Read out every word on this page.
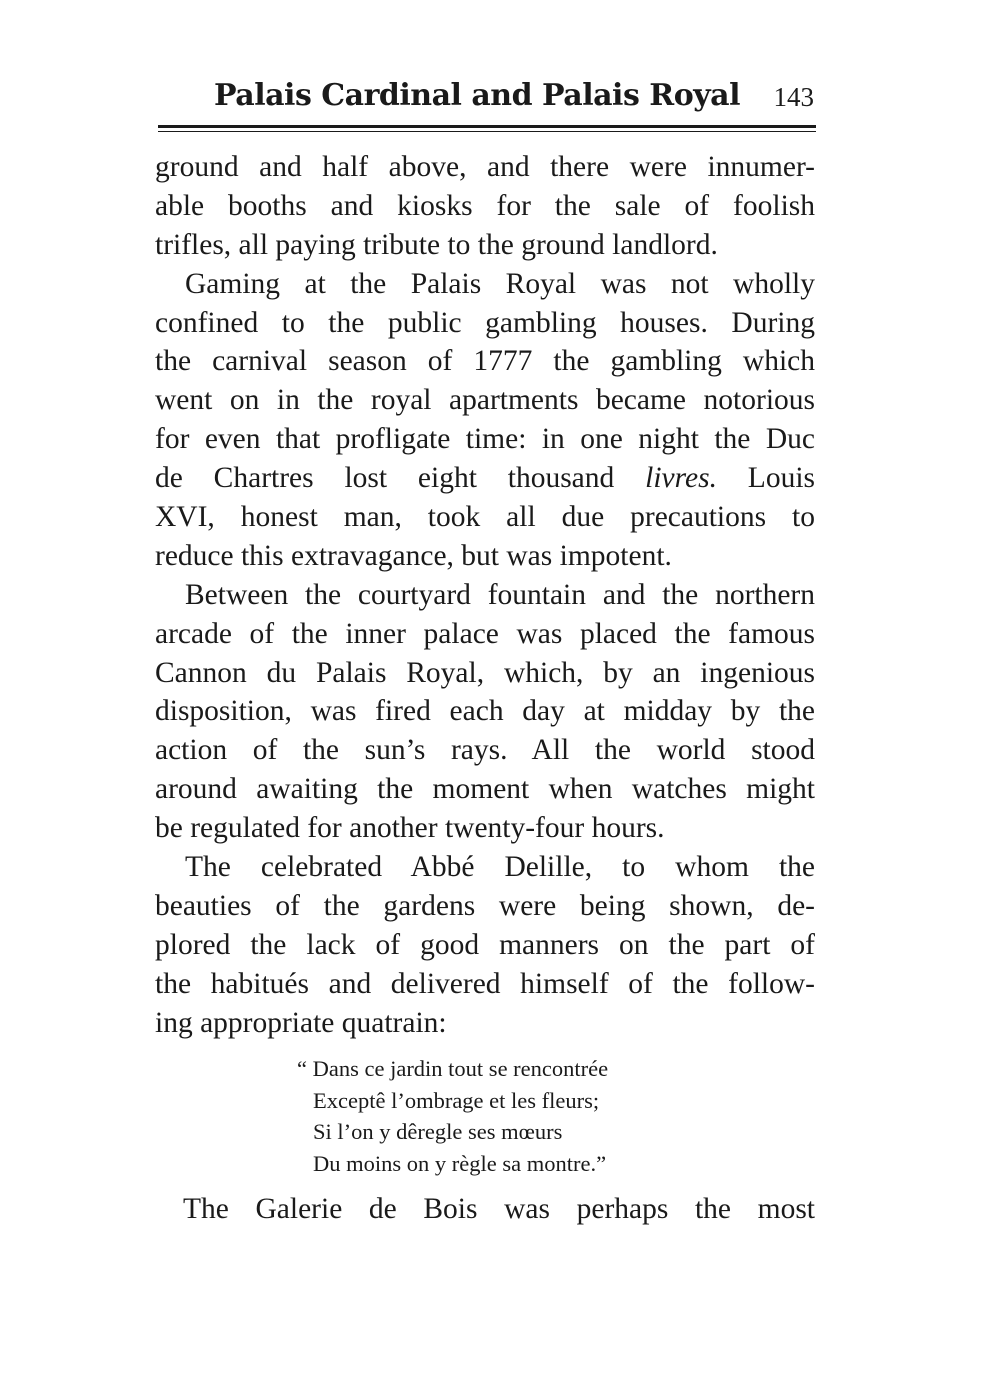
Palais Cardinal and Palais Royal 143
ground and half above, and there were innumer-
able booths and kiosks for the sale of foolish
trifles, all paying tribute to the ground landlord.
Gaming at the Palais Royal was not wholly
confined to the public gambling houses. During
the carnival season of 1777 the gambling which
went on in the royal apartments became notorious
for even that profligate time: in one night the Duc
de Chartres lost eight thousand livres. Louis
XVI, honest man, took all due precautions to
reduce this extravagance, but was impotent.
Between the courtyard fountain and the northern
arcade of the inner palace was placed the famous
Cannon du Palais Royal, which, by an ingenious
disposition, was fired each day at midday by the
action of the sun’s rays. All the world stood
around awaiting the moment when watches might
be regulated for another twenty-four hours.
The celebrated Abbé Delille, to whom the
beauties of the gardens were being shown, de-
plored the lack of good manners on the part of
the habitués and delivered himself of the follow-
ing appropriate quatrain:
“ Dans ce jardin tout se rencontrée
Exceptê l’ombrage et les fleurs;
Si l’on y dêregle ses mœurs
Du moins on y règle sa montre.”
The Galerie de Bois was perhaps the most
